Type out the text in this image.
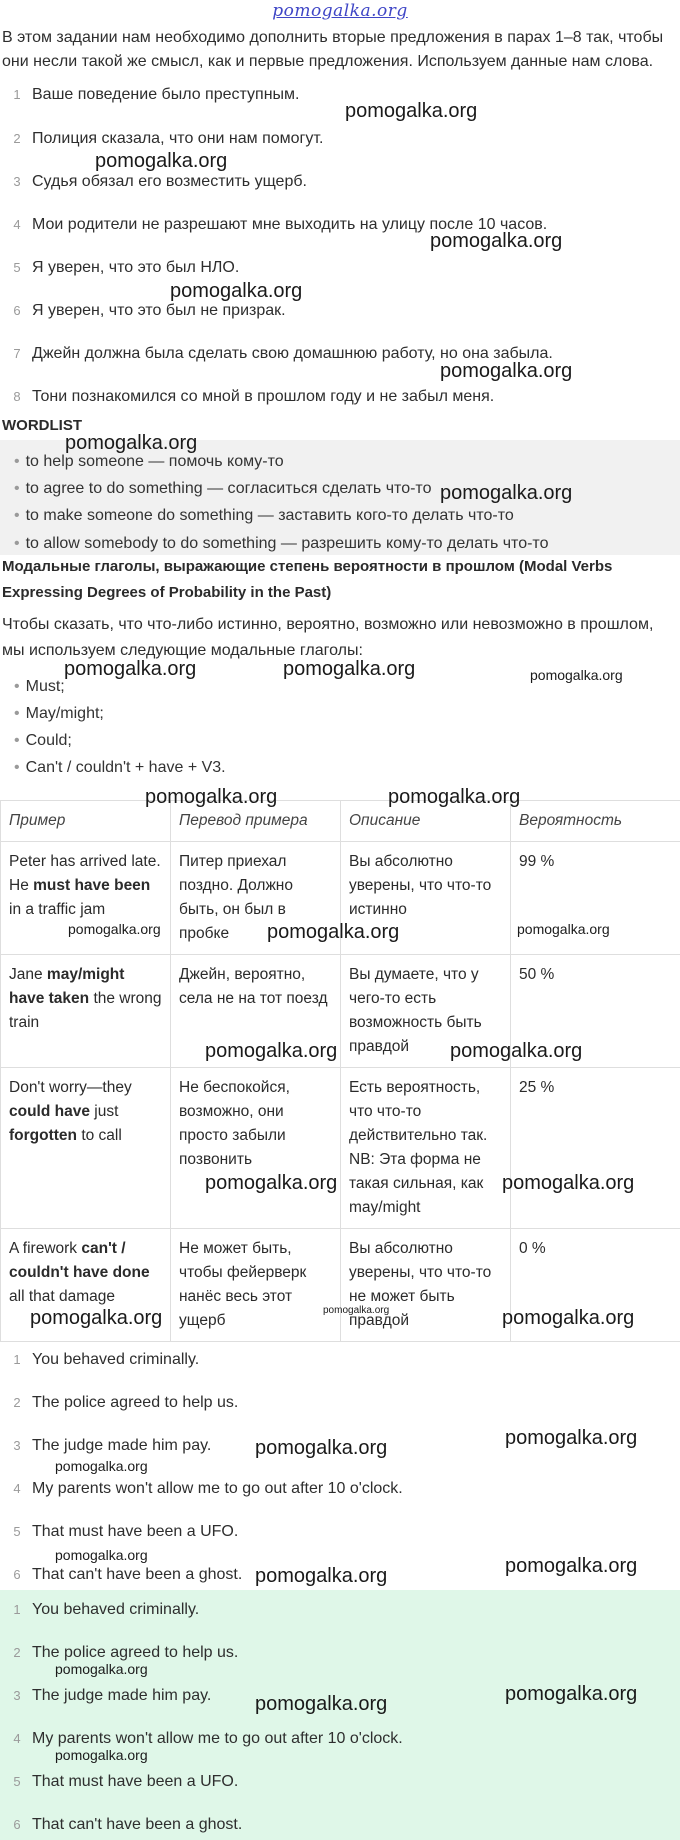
pomogalka.org
В этом задании нам необходимо дополнить вторые предложения в парах 1–8 так, чтобы они несли такой же смысл, как и первые предложения. Используем данные нам слова.
1 Ваше поведение было преступным.
2 Полиция сказала, что они нам помогут.
3 Судья обязал его возместить ущерб.
4 Мои родители не разрешают мне выходить на улицу после 10 часов.
5 Я уверен, что это был НЛО.
6 Я уверен, что это был не призрак.
7 Джейн должна была сделать свою домашнюю работу, но она забыла.
8 Тони познакомился со мной в прошлом году и не забыл меня.
WORDLIST
• to help someone — помочь кому-то
• to agree to do something — согласиться сделать что-то
• to make someone do something — заставить кого-то делать что-то
• to allow somebody to do something — разрешить кому-то делать что-то
Модальные глаголы, выражающие степень вероятности в прошлом (Modal Verbs Expressing Degrees of Probability in the Past)
Чтобы сказать, что что-либо истинно, вероятно, возможно или невозможно в прошлом, мы используем следующие модальные глаголы:
• Must;
• May/might;
• Could;
• Can't / couldn't + have + V3.
Пример	Перевод примера	Описание	Вероятность
Peter has arrived late. He must have been in a traffic jam	Питер приехал поздно. Должно быть, он был в пробке	Вы абсолютно уверены, что что-то истинно	99 %
Jane may/might have taken the wrong train	Джейн, вероятно, села не на тот поезд	Вы думаете, что у чего-то есть возможность быть правдой	50 %
Don't worry—they could have just forgotten to call	Не беспокойся, возможно, они просто забыли позвонить	Есть вероятность, что что-то действительно так. NB: Эта форма не такая сильная, как may/might	25 %
A firework can't / couldn't have done all that damage	Не может быть, чтобы фейерверк нанёс весь этот ущерб	Вы абсолютно уверены, что что-то не может быть правдой	0 %
1 You behaved criminally.
2 The police agreed to help us.
3 The judge made him pay.
4 My parents won't allow me to go out after 10 o'clock.
5 That must have been a UFO.
6 That can't have been a ghost.
1 You behaved criminally.
2 The police agreed to help us.
3 The judge made him pay.
4 My parents won't allow me to go out after 10 o'clock.
5 That must have been a UFO.
6 That can't have been a ghost.
pomogalka.org
pomogalka.org
pomogalka.org
pomogalka.org
pomogalka.org
pomogalka.org
pomogalka.org
pomogalka.org	pomogalka.org	pomogalka.org
pomogalka.org	pomogalka.org
pomogalka.org	pomogalka.org	pomogalka.org
pomogalka.org	pomogalka.org
pomogalka.org	pomogalka.org
pomogalka.org	pomogalka.org	pomogalka.org
pomogalka.org	pomogalka.org
pomogalka.org
pomogalka.org
pomogalka.org	pomogalka.org
pomogalka.org
pomogalka.org	pomogalka.org
pomogalka.org
